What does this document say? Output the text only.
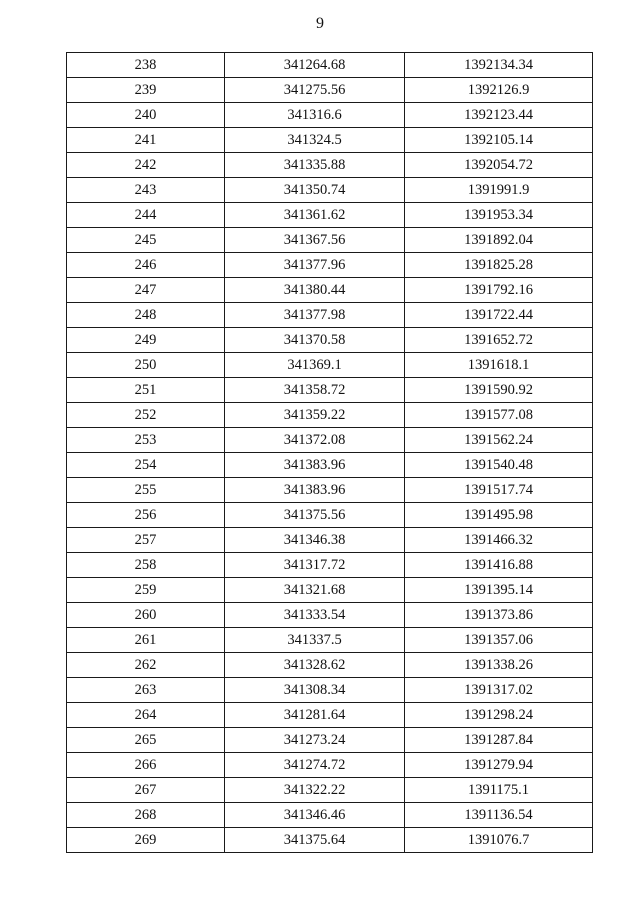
9
238	341264.68	1392134.34
239	341275.56	1392126.9
240	341316.6	1392123.44
241	341324.5	1392105.14
242	341335.88	1392054.72
243	341350.74	1391991.9
244	341361.62	1391953.34
245	341367.56	1391892.04
246	341377.96	1391825.28
247	341380.44	1391792.16
248	341377.98	1391722.44
249	341370.58	1391652.72
250	341369.1	1391618.1
251	341358.72	1391590.92
252	341359.22	1391577.08
253	341372.08	1391562.24
254	341383.96	1391540.48
255	341383.96	1391517.74
256	341375.56	1391495.98
257	341346.38	1391466.32
258	341317.72	1391416.88
259	341321.68	1391395.14
260	341333.54	1391373.86
261	341337.5	1391357.06
262	341328.62	1391338.26
263	341308.34	1391317.02
264	341281.64	1391298.24
265	341273.24	1391287.84
266	341274.72	1391279.94
267	341322.22	1391175.1
268	341346.46	1391136.54
269	341375.64	1391076.7
